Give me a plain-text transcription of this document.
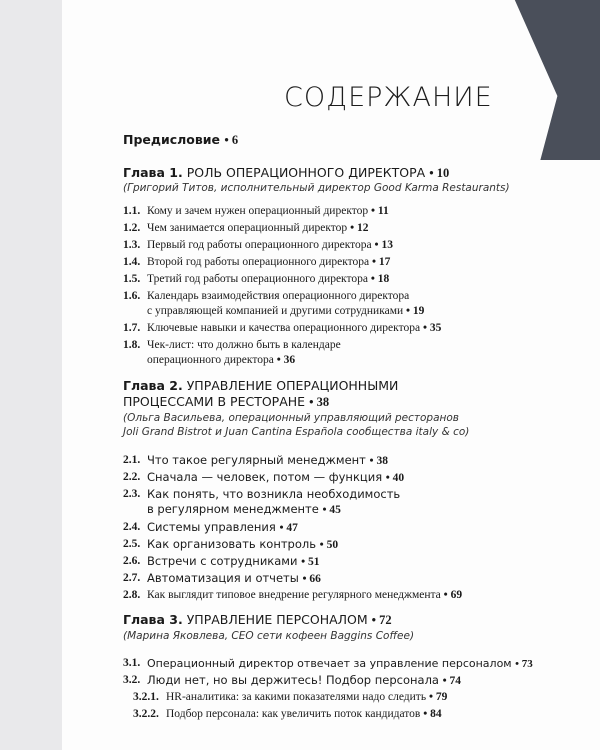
СОДЕРЖАНИЕ
Предисловие • 6
Глава 1. РОЛЬ ОПЕРАЦИОННОГО ДИРЕКТОРА • 10
(Григорий Титов, исполнительный директор Good Karma Restaurants)
1.1. Кому и зачем нужен операционный директор • 11
1.2. Чем занимается операционный директор • 12
1.3. Первый год работы операционного директора • 13
1.4. Второй год работы операционного директора • 17
1.5. Третий год работы операционного директора • 18
1.6. Календарь взаимодействия операционного директора
с управляющей компанией и другими сотрудниками • 19
1.7. Ключевые навыки и качества операционного директора • 35
1.8. Чек-лист: что должно быть в календаре
операционного директора • 36
Глава 2. УПРАВЛЕНИЕ ОПЕРАЦИОННЫМИ
ПРОЦЕССАМИ В РЕСТОРАНЕ • 38
(Ольга Васильева, операционный управляющий ресторанов
Joli Grand Bistrot и Juan Cantina Española сообщества italy & co)
2.1. Что такое регулярный менеджмент • 38
2.2. Сначала — человек, потом — функция • 40
2.3. Как понять, что возникла необходимость
в регулярном менеджменте • 45
2.4. Системы управления • 47
2.5. Как организовать контроль • 50
2.6. Встречи с сотрудниками • 51
2.7. Автоматизация и отчеты • 66
2.8. Как выглядит типовое внедрение регулярного менеджмента • 69
Глава 3. УПРАВЛЕНИЕ ПЕРСОНАЛОМ • 72
(Марина Яковлева, CEO сети кофеен Baggins Coffee)
3.1. Операционный директор отвечает за управление персоналом • 73
3.2. Люди нет, но вы держитесь! Подбор персонала • 74
3.2.1. HR-аналитика: за какими показателями надо следить • 79
3.2.2. Подбор персонала: как увеличить поток кандидатов • 84
